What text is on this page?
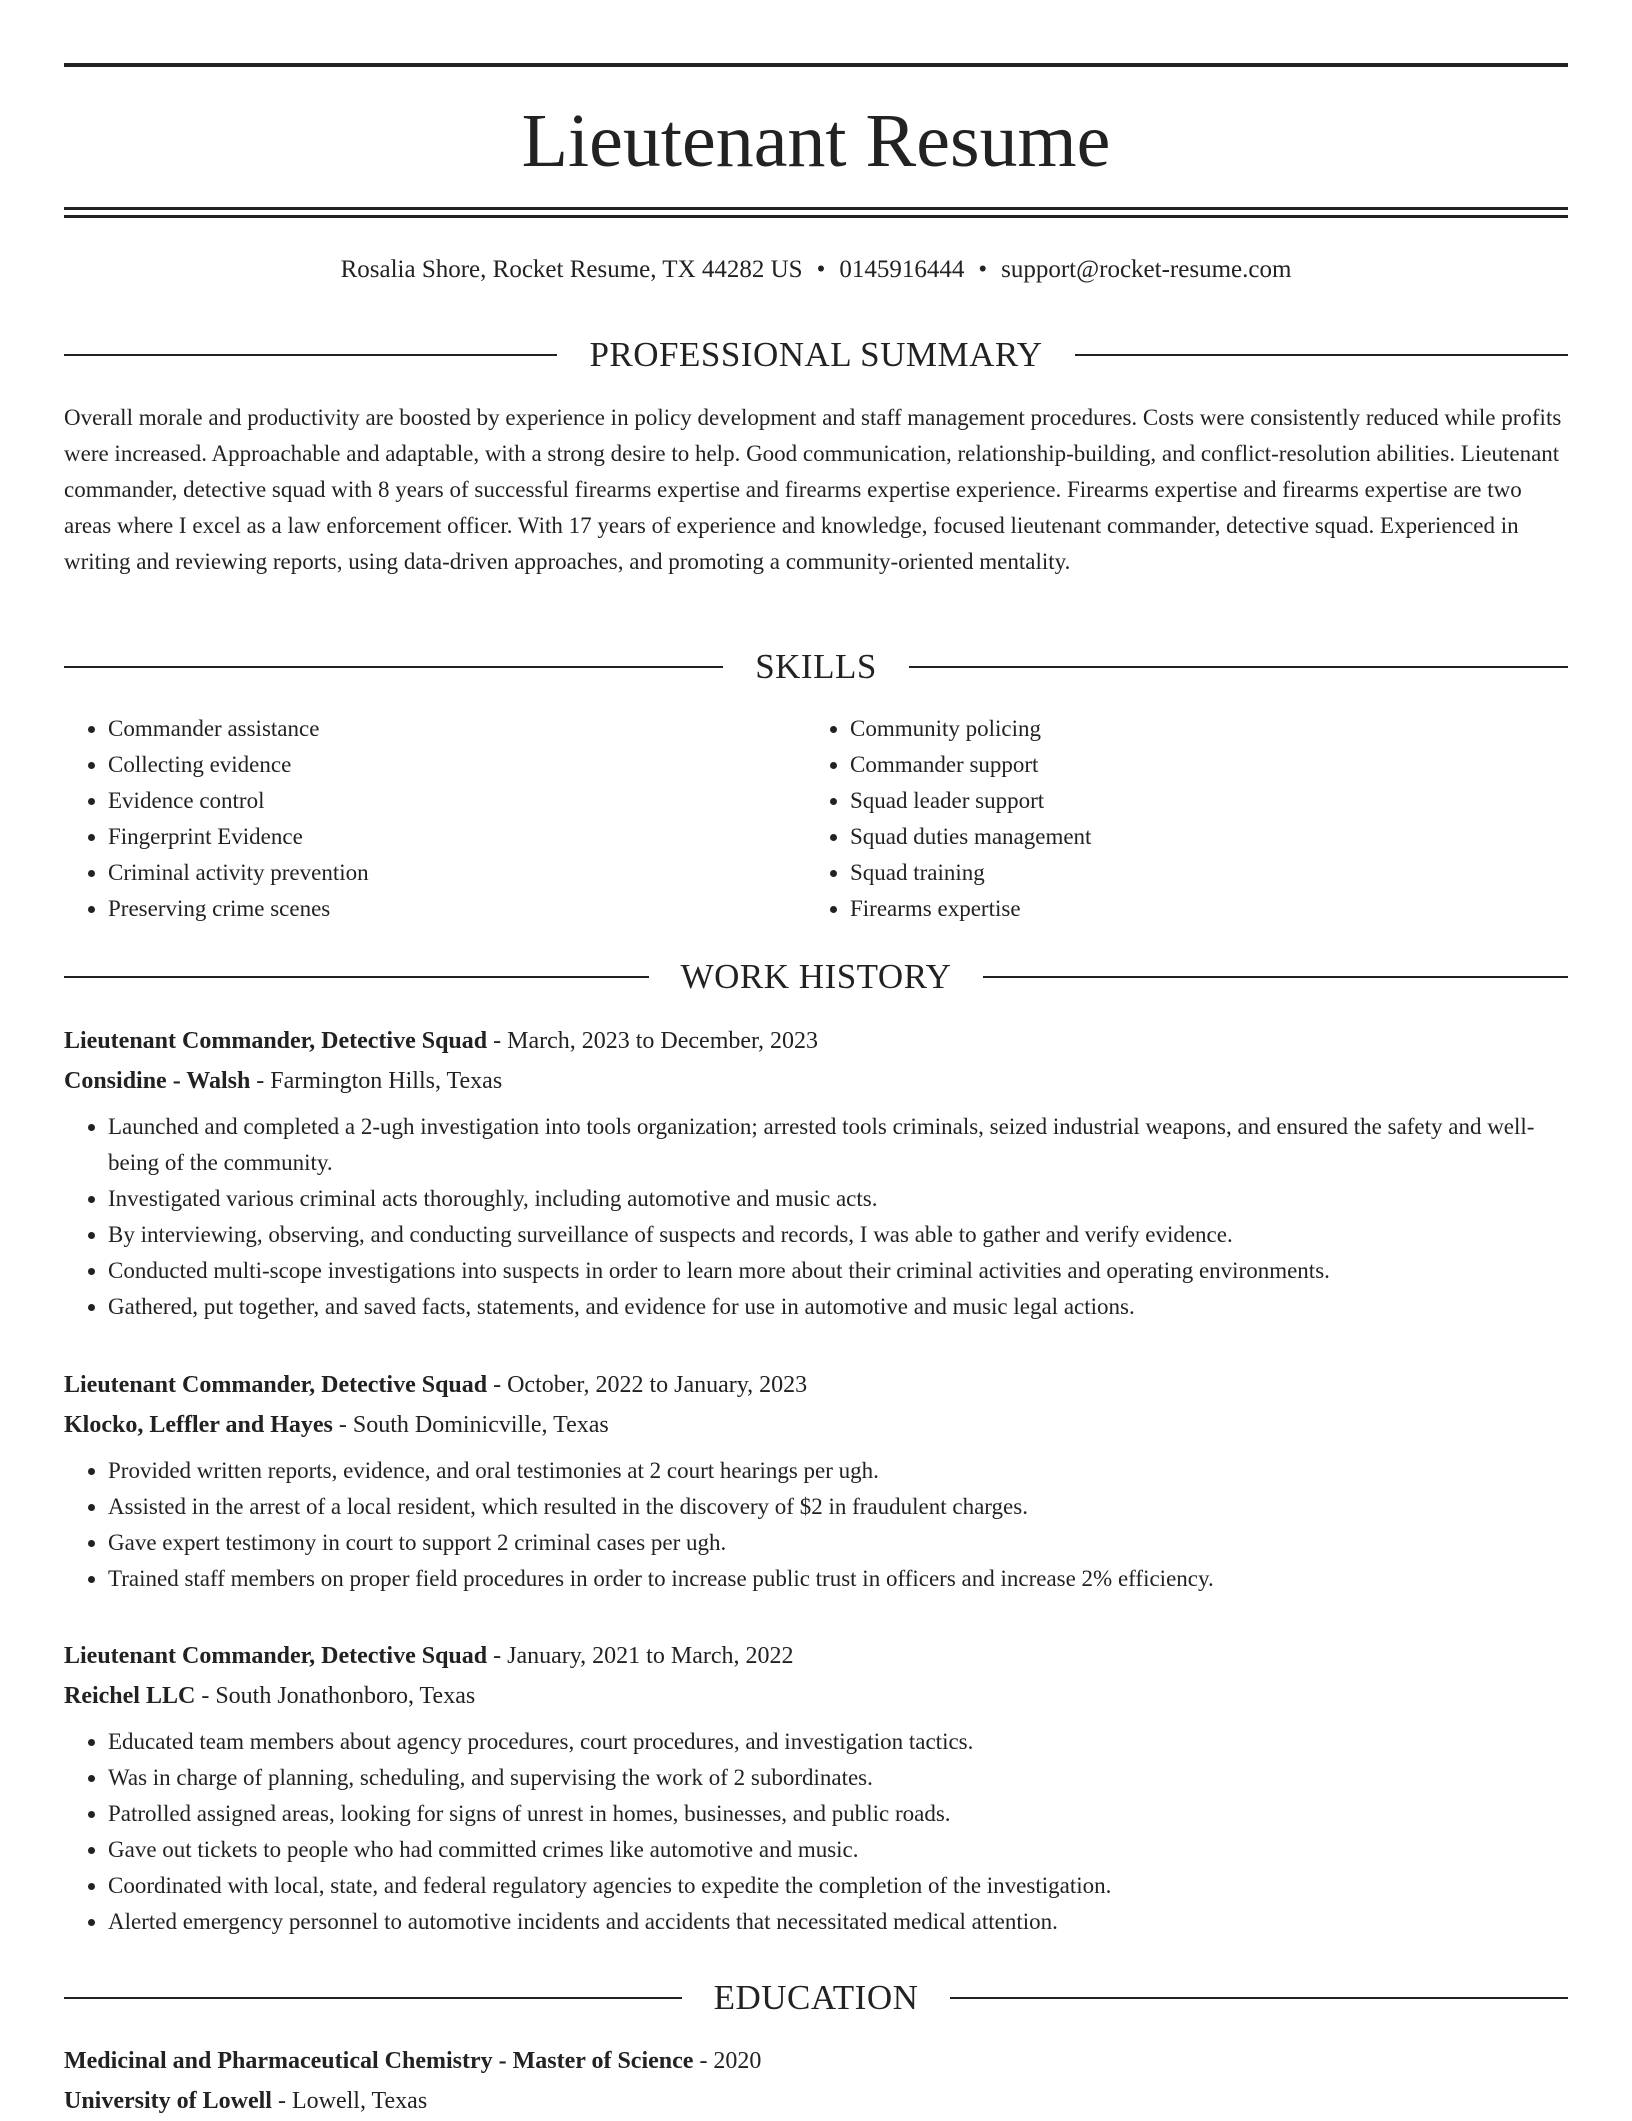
Lieutenant Resume
Rosalia Shore, Rocket Resume, TX 44282 US • 0145916444 • support@rocket-resume.com
PROFESSIONAL SUMMARY

Overall morale and productivity are boosted by experience in policy development and staff management procedures. Costs were consistently reduced while profits were increased. Approachable and adaptable, with a strong desire to help. Good communication, relationship-building, and conflict-resolution abilities. Lieutenant commander, detective squad with 8 years of successful firearms expertise and firearms expertise experience. Firearms expertise and firearms expertise are two areas where I excel as a law enforcement officer. With 17 years of experience and knowledge, focused lieutenant commander, detective squad. Experienced in writing and reviewing reports, using data-driven approaches, and promoting a community-oriented mentality.

SKILLS
• Commander assistance
• Collecting evidence
• Evidence control
• Fingerprint Evidence
• Criminal activity prevention
• Preserving crime scenes
• Community policing
• Commander support
• Squad leader support
• Squad duties management
• Squad training
• Firearms expertise
WORK HISTORY
Lieutenant Commander, Detective Squad - March, 2023 to December, 2023
Considine - Walsh - Farmington Hills, Texas
• Launched and completed a 2-ugh investigation into tools organization; arrested tools criminals, seized industrial weapons, and ensured the safety and well-being of the community.
• Investigated various criminal acts thoroughly, including automotive and music acts.
• By interviewing, observing, and conducting surveillance of suspects and records, I was able to gather and verify evidence.
• Conducted multi-scope investigations into suspects in order to learn more about their criminal activities and operating environments.
• Gathered, put together, and saved facts, statements, and evidence for use in automotive and music legal actions.
Lieutenant Commander, Detective Squad - October, 2022 to January, 2023
Klocko, Leffler and Hayes - South Dominicville, Texas
• Provided written reports, evidence, and oral testimonies at 2 court hearings per ugh.
• Assisted in the arrest of a local resident, which resulted in the discovery of $2 in fraudulent charges.
• Gave expert testimony in court to support 2 criminal cases per ugh.
• Trained staff members on proper field procedures in order to increase public trust in officers and increase 2% efficiency.
Lieutenant Commander, Detective Squad - January, 2021 to March, 2022
Reichel LLC - South Jonathonboro, Texas
• Educated team members about agency procedures, court procedures, and investigation tactics.
• Was in charge of planning, scheduling, and supervising the work of 2 subordinates.
• Patrolled assigned areas, looking for signs of unrest in homes, businesses, and public roads.
• Gave out tickets to people who had committed crimes like automotive and music.
• Coordinated with local, state, and federal regulatory agencies to expedite the completion of the investigation.
• Alerted emergency personnel to automotive incidents and accidents that necessitated medical attention.
EDUCATION
Medicinal and Pharmaceutical Chemistry - Master of Science - 2020
University of Lowell - Lowell, Texas
